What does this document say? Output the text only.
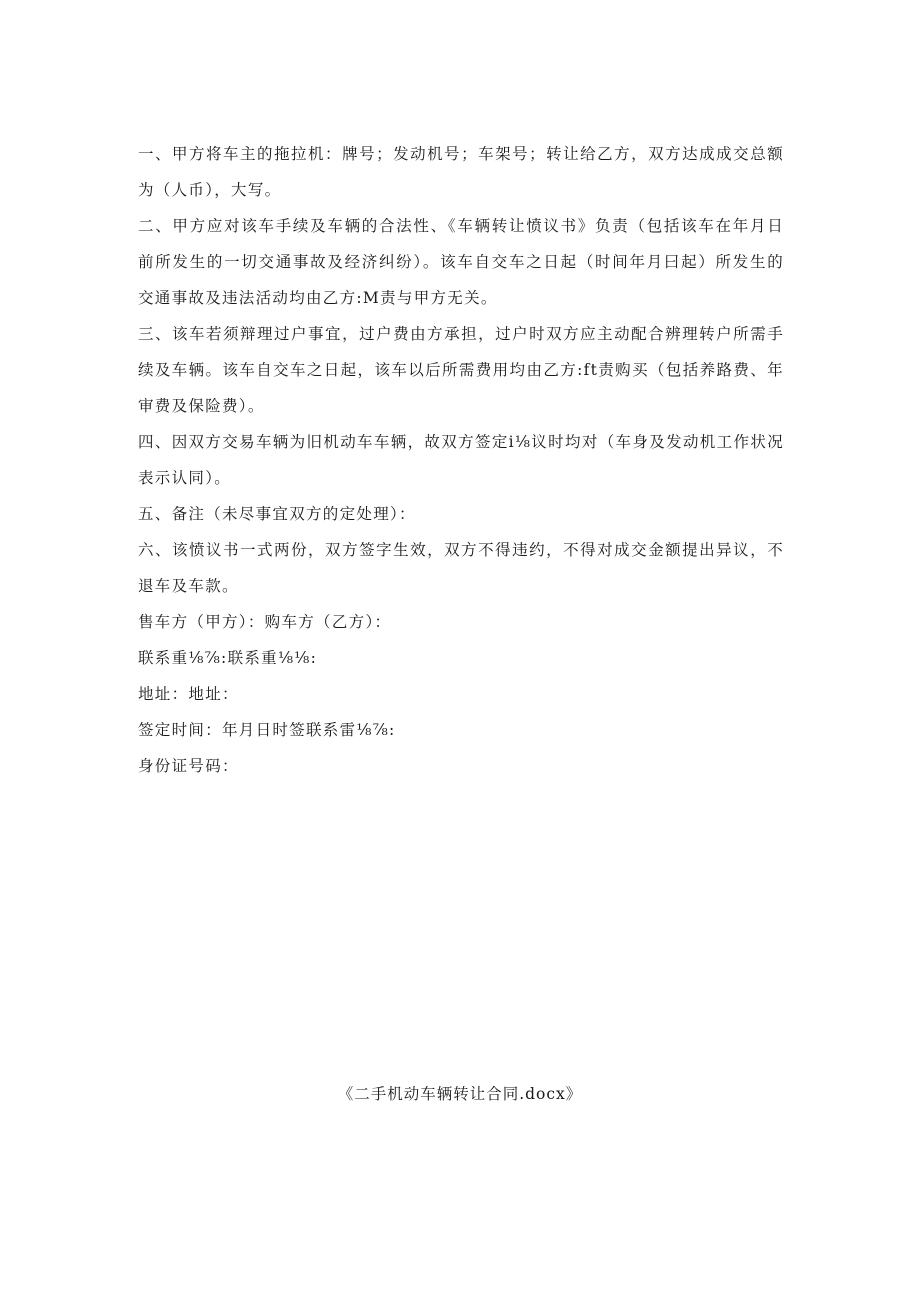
一、甲方将车主的拖拉机：牌号；发动机号；车架号；转让给乙方，双方达成成交总额为（人币），大写。

二、甲方应对该车手续及车辆的合法性、《车辆转让愤议书》负责（包括该车在年月日前所发生的一切交通事故及经济纠纷）。该车自交车之日起（时间年月曰起）所发生的交通事故及违法活动均由乙方:M责与甲方无关。

三、该车若须辩理过户事宜，过户费由方承担，过户时双方应主动配合辨理转户所需手续及车辆。该车自交车之日起，该车以后所需费用均由乙方:ft责购买（包括养路费、年审费及保险费）。

四、因双方交易车辆为旧机动车车辆，故双方签定i⅛议时均对（车身及发动机工作状况表示认同）。

五、备注（未尽事宜双方的定处理）：

六、该愤议书一式两份，双方签字生效，双方不得违约，不得对成交金额提出异议，不退车及车款。

售车方（甲方）：购车方（乙方）：

联系重⅛⅞:联系重⅛⅛:

地址：地址：

签定时间：年月日时签联系雷⅛⅞:

身份证号码：

《二手机动车辆转让合同.docx》
